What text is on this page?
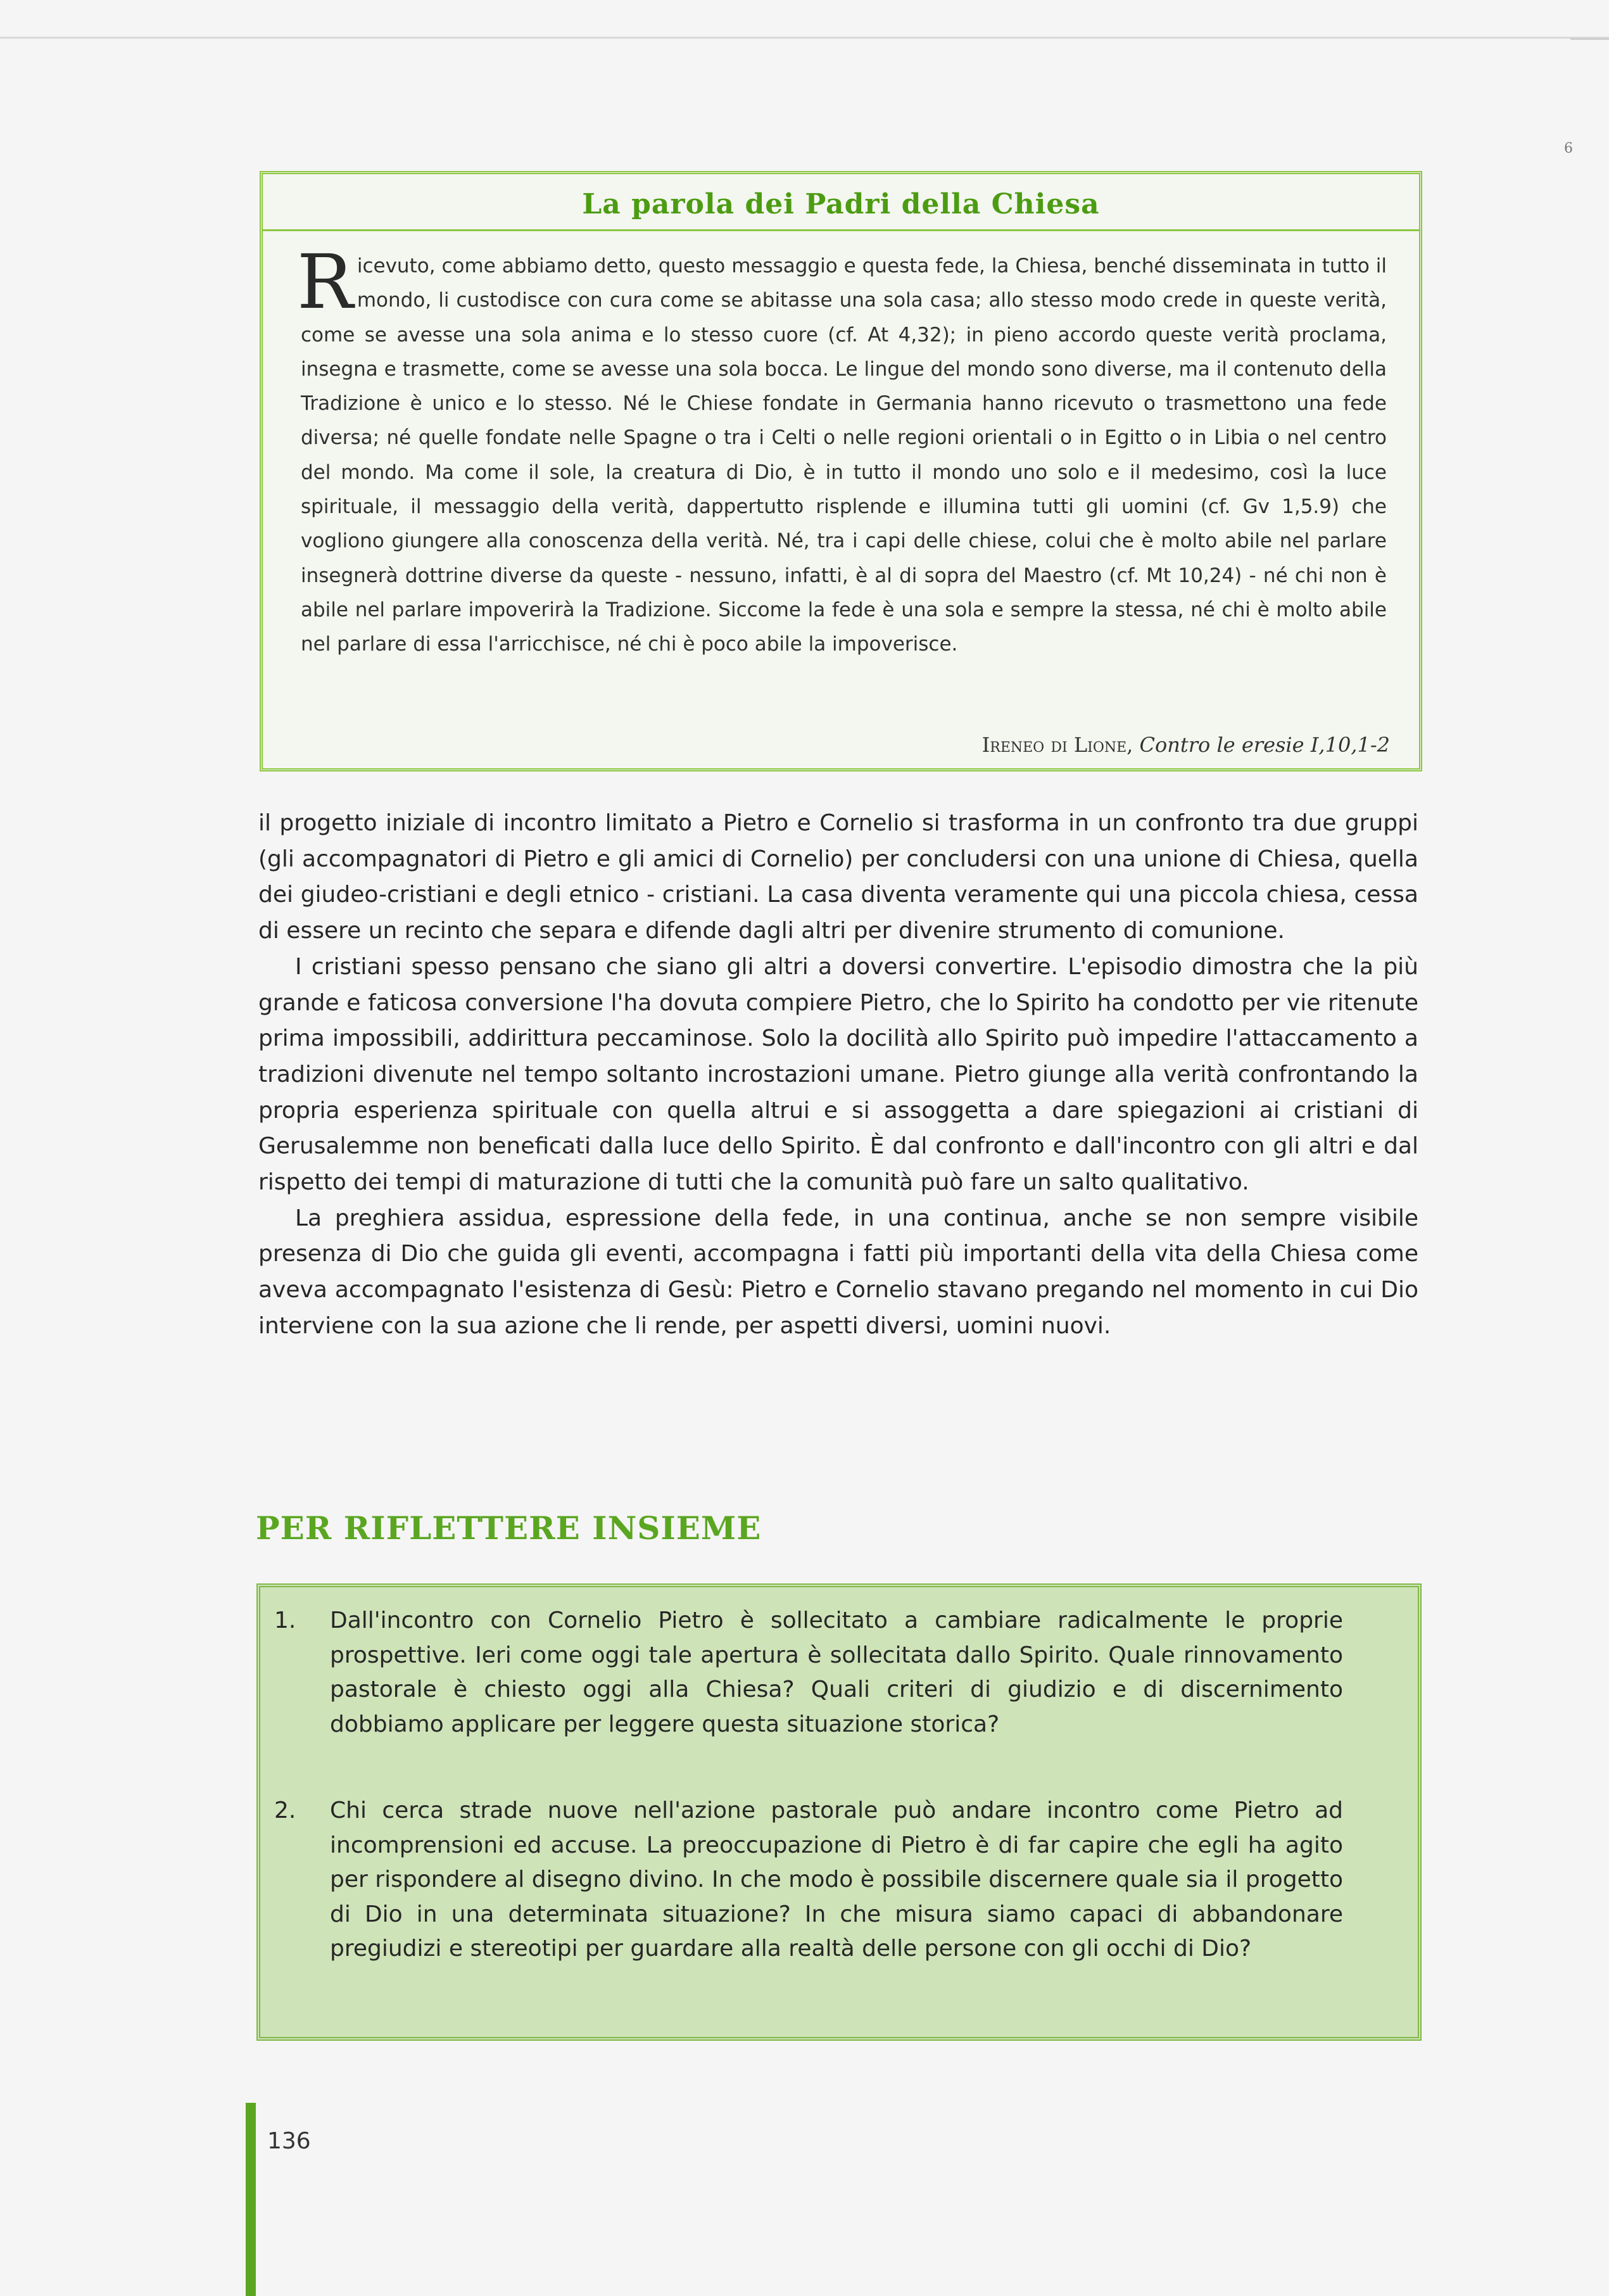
6
La parola dei Padri della Chiesa
R icevuto, come abbiamo detto, questo messaggio e questa fede, la Chiesa, benché disseminata in tutto il mondo, li custodisce con cura come se abitasse una sola casa; allo stesso modo crede in queste verità, come se avesse una sola anima e lo stesso cuore (cf. At 4,32); in pieno accordo queste verità proclama, insegna e trasmette, come se avesse una sola bocca. Le lingue del mondo sono diverse, ma il contenuto della Tradizione è unico e lo stesso. Né le Chiese fondate in Germania hanno ricevuto o trasmettono una fede diversa; né quelle fondate nelle Spagne o tra i Celti o nelle regioni orientali o in Egitto o in Libia o nel centro del mondo. Ma come il sole, la creatura di Dio, è in tutto il mondo uno solo e il medesimo, così la luce spirituale, il messaggio della verità, dappertutto risplende e illumina tutti gli uomini (cf. Gv 1,5.9) che vogliono giungere alla conoscenza della verità. Né, tra i capi delle chiese, colui che è molto abile nel parlare insegnerà dottrine diverse da queste - nessuno, infatti, è al di sopra del Maestro (cf. Mt 10,24) - né chi non è abile nel parlare impoverirà la Tradizione. Siccome la fede è una sola e sempre la stessa, né chi è molto abile nel parlare di essa l'arricchisce, né chi è poco abile la impoverisce.
Ireneo di Lione, Contro le eresie I,10,1-2

il progetto iniziale di incontro limitato a Pietro e Cornelio si trasforma in un confronto tra due gruppi (gli accompagnatori di Pietro e gli amici di Cornelio) per concludersi con una unione di Chiesa, quella dei giudeo-cristiani e degli etnico - cristiani. La casa diventa veramente qui una piccola chiesa, cessa di essere un recinto che separa e difende dagli altri per divenire strumento di comunione.

I cristiani spesso pensano che siano gli altri a doversi convertire. L'episodio dimostra che la più grande e faticosa conversione l'ha dovuta compiere Pietro, che lo Spirito ha condotto per vie ritenute prima impossibili, addirittura peccaminose. Solo la docilità allo Spirito può impedire l'attaccamento a tradizioni divenute nel tempo soltanto incrostazioni umane. Pietro giunge alla verità confrontando la propria esperienza spirituale con quella altrui e si assoggetta a dare spiegazioni ai cristiani di Gerusalemme non beneficati dalla luce dello Spirito. È dal confronto e dall'incontro con gli altri e dal rispetto dei tempi di maturazione di tutti che la comunità può fare un salto qualitativo.

La preghiera assidua, espressione della fede, in una continua, anche se non sempre visibile presenza di Dio che guida gli eventi, accompagna i fatti più importanti della vita della Chiesa come aveva accompagnato l'esistenza di Gesù: Pietro e Cornelio stavano pregando nel momento in cui Dio interviene con la sua azione che li rende, per aspetti diversi, uomini nuovi.

PER RIFLETTERE INSIEME
1. Dall'incontro con Cornelio Pietro è sollecitato a cambiare radicalmente le proprie prospettive. Ieri come oggi tale apertura è sollecitata dallo Spirito. Quale rinnovamento pastorale è chiesto oggi alla Chiesa? Quali criteri di giudizio e di discernimento dobbiamo applicare per leggere questa situazione storica?
2. Chi cerca strade nuove nell'azione pastorale può andare incontro come Pietro ad incomprensioni ed accuse. La preoccupazione di Pietro è di far capire che egli ha agito per rispondere al disegno divino. In che modo è possibile discernere quale sia il progetto di Dio in una determinata situazione? In che misura siamo capaci di abbandonare pregiudizi e stereotipi per guardare alla realtà delle persone con gli occhi di Dio?
136
